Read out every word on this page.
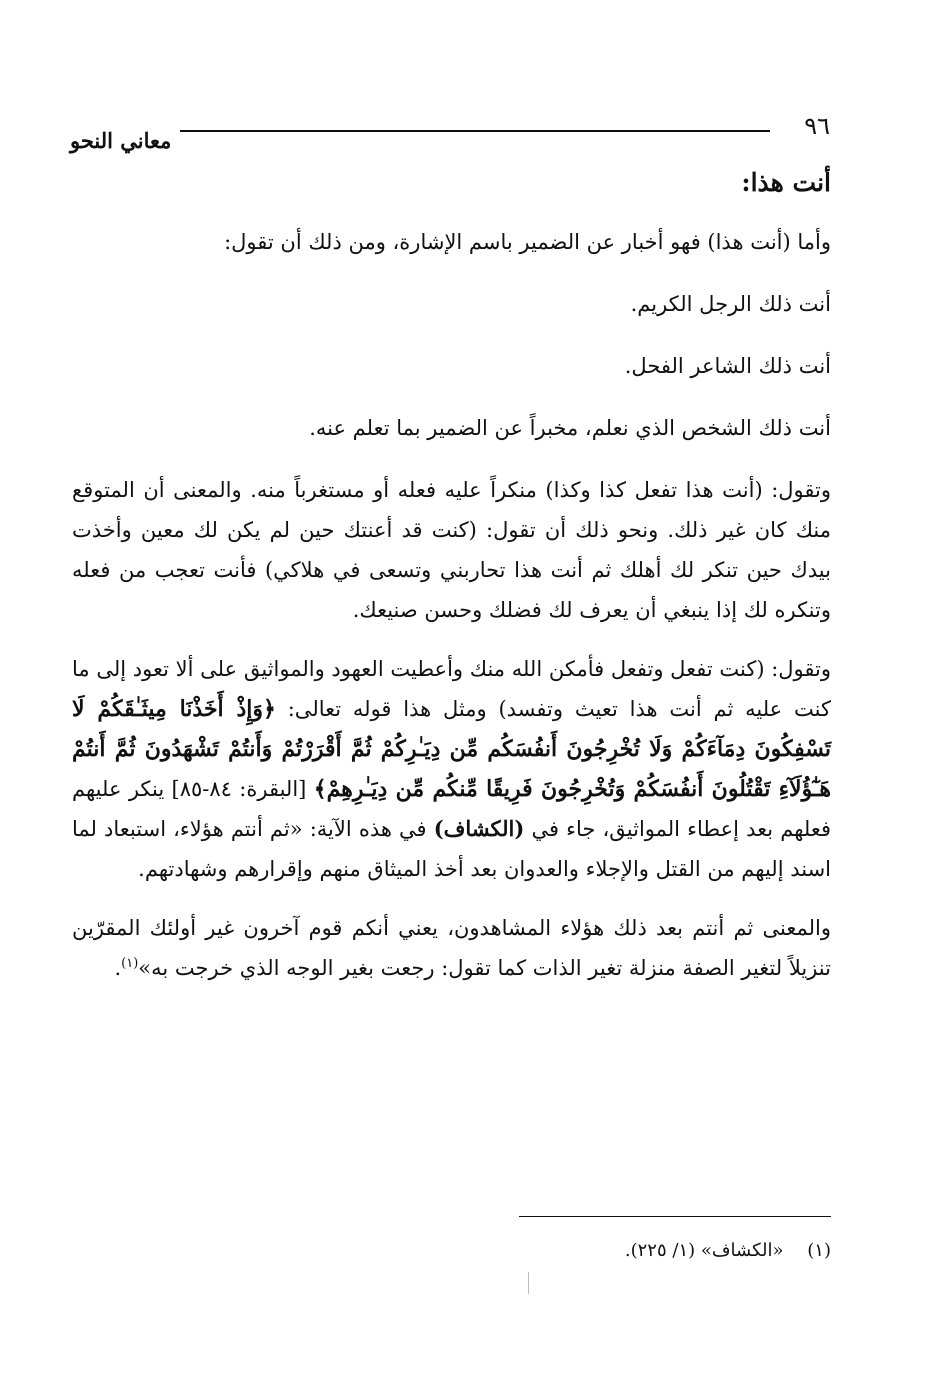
٩٦
معاني النحو
أنت هذا:

وأما (أنت هذا) فهو أخبار عن الضمير باسم الإشارة، ومن ذلك أن تقول:

أنت ذلك الرجل الكريم.

أنت ذلك الشاعر الفحل.

أنت ذلك الشخص الذي نعلم، مخبراً عن الضمير بما تعلم عنه.

وتقول: (أنت هذا تفعل كذا وكذا) منكراً عليه فعله أو مستغرباً منه. والمعنى أن المتوقع منك كان غير ذلك. ونحو ذلك أن تقول: (كنت قد أعنتك حين لم يكن لك معين وأخذت بيدك حين تنكر لك أهلك ثم أنت هذا تحاربني وتسعى في هلاكي) فأنت تعجب من فعله وتنكره لك إذا ينبغي أن يعرف لك فضلك وحسن صنيعك.

وتقول: (كنت تفعل وتفعل فأمكن الله منك وأعطيت العهود والمواثيق على ألا تعود إلى ما كنت عليه ثم أنت هذا تعيث وتفسد) ومثل هذا قوله تعالى: ﴿وَإِذْ أَخَذْنَا مِيثَـٰقَكُمْ لَا تَسْفِكُونَ دِمَآءَكُمْ وَلَا تُخْرِجُونَ أَنفُسَكُم مِّن دِيَـٰرِكُمْ ثُمَّ أَقْرَرْتُمْ وَأَنتُمْ تَشْهَدُونَ ثُمَّ أَنتُمْ هَـٰٓؤُلَآءِ تَقْتُلُونَ أَنفُسَكُمْ وَتُخْرِجُونَ فَرِيقًا مِّنكُم مِّن دِيَـٰرِهِمْ﴾ [البقرة: ٨٤-٨٥] ينكر عليهم فعلهم بعد إعطاء المواثيق، جاء في (الكشاف) في هذه الآية: «ثم أنتم هؤلاء، استبعاد لما اسند إليهم من القتل والإجلاء والعدوان بعد أخذ الميثاق منهم وإقرارهم وشهادتهم.

والمعنى ثم أنتم بعد ذلك هؤلاء المشاهدون، يعني أنكم قوم آخرون غير أولئك المقرّين تنزيلاً لتغير الصفة منزلة تغير الذات كما تقول: رجعت بغير الوجه الذي خرجت به»$^{(١)}$.

(١) «الكشاف» (١/ ٢٢٥).
